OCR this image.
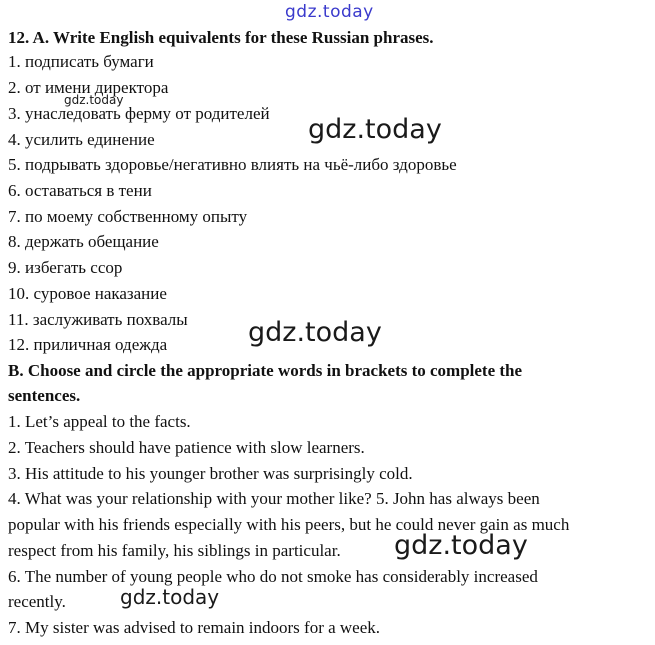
gdz.today
gdz.today
gdz.today
gdz.today
gdz.today
gdz.today
12. A. Write English equivalents for these Russian phrases.
1. подписать бумаги
2. от имени директора
3. унаследовать ферму от родителей
4. усилить единение
5. подрывать здоровье/негативно влиять на чьё-либо здоровье
6. оставаться в тени
7. по моему собственному опыту
8. держать обещание
9. избегать ссор
10. суровое наказание
11. заслуживать похвалы
12. приличная одежда
B. Choose and circle the appropriate words in brackets to complete the
sentences.
1. Let’s appeal to the facts.
2. Teachers should have patience with slow learners.
3. His attitude to his younger brother was surprisingly cold.
4. What was your relationship with your mother like? 5. John has always been
popular with his friends especially with his peers, but he could never gain as much
respect from his family, his siblings in particular.
6. The number of young people who do not smoke has considerably increased
recently.
7. My sister was advised to remain indoors for a week.
